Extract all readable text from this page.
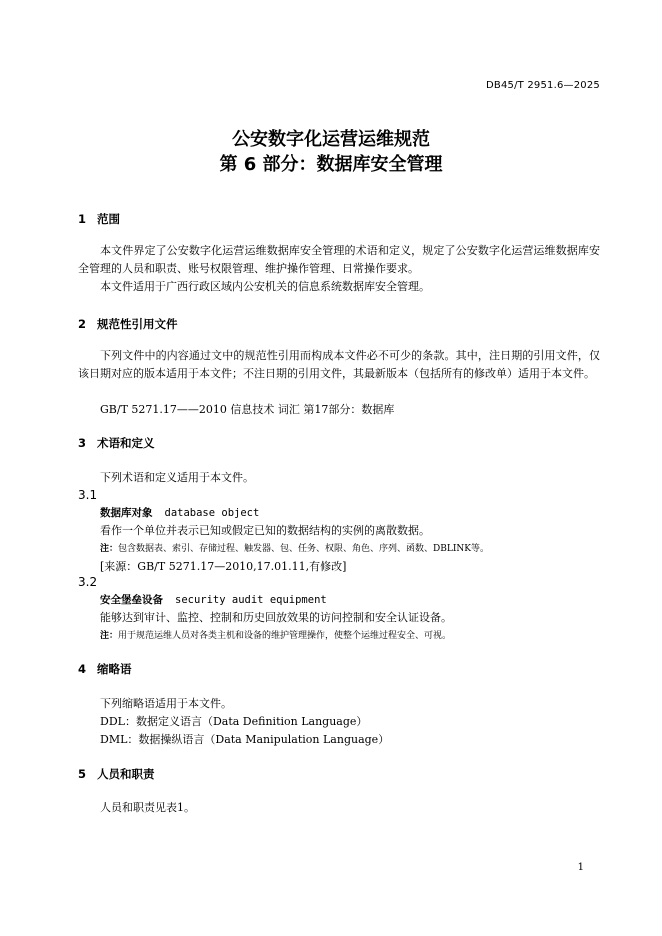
DB45/T 2951.6—2025
公安数字化运营运维规范
第 6 部分：数据库安全管理
1 范围
本文件界定了公安数字化运营运维数据库安全管理的术语和定义，规定了公安数字化运营运维数据库安全管理的人员和职责、账号权限管理、维护操作管理、日常操作要求。
本文件适用于广西行政区域内公安机关的信息系统数据库安全管理。
2 规范性引用文件
下列文件中的内容通过文中的规范性引用而构成本文件必不可少的条款。其中，注日期的引用文件，仅该日期对应的版本适用于本文件；不注日期的引用文件，其最新版本（包括所有的修改单）适用于本文件。
GB/T 5271.17——2010 信息技术 词汇 第17部分：数据库
3 术语和定义
下列术语和定义适用于本文件。
3.1
数据库对象 database object
看作一个单位并表示已知或假定已知的数据结构的实例的离散数据。
注：包含数据表、索引、存储过程、触发器、包、任务、权限、角色、序列、函数、DBLINK等。
[来源：GB/T 5271.17—2010,17.01.11,有修改]
3.2
安全堡垒设备 security audit equipment
能够达到审计、监控、控制和历史回放效果的访问控制和安全认证设备。
注：用于规范运维人员对各类主机和设备的维护管理操作，使整个运维过程安全、可视。
4 缩略语
下列缩略语适用于本文件。
DDL：数据定义语言（Data Definition Language）
DML：数据操纵语言（Data Manipulation Language）
5 人员和职责
人员和职责见表1。
1
